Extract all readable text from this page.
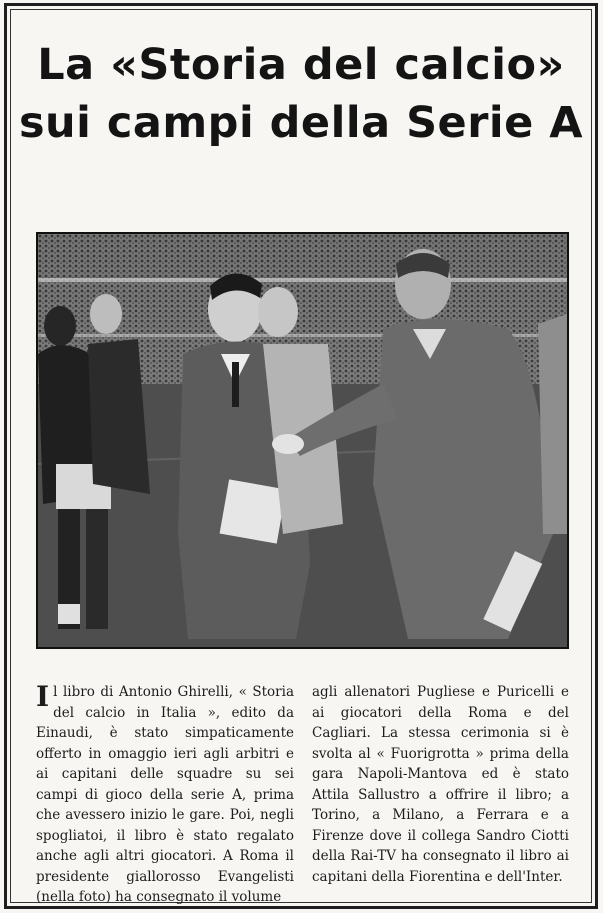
La «Storia del calcio»
sui campi della Serie A

Il libro di Antonio Ghirelli, « Storia del calcio in Italia », edito da Einaudi, è stato simpaticamente offerto in omaggio ieri agli arbitri e ai capitani delle squadre su sei campi di gioco della serie A, prima che avessero inizio le gare. Poi, negli spogliatoi, il libro è stato regalato anche agli altri giocatori. A Roma il presidente giallorosso Evangelisti (nella foto) ha consegnato il volume

agli allenatori Pugliese e Puricelli e ai giocatori della Roma e del Cagliari. La stessa cerimonia si è svolta al « Fuorigrotta » prima della gara Napoli-Mantova ed è stato Attila Sallustro a offrire il libro; a Torino, a Milano, a Ferrara e a Firenze dove il collega Sandro Ciotti della Rai-TV ha consegnato il libro ai capitani della Fiorentina e dell'Inter.
